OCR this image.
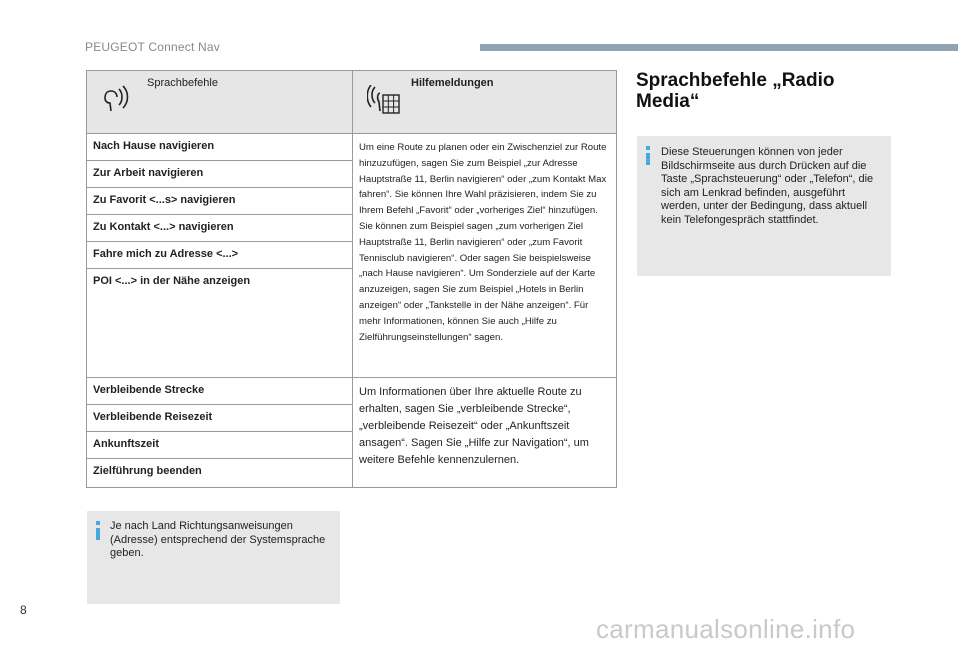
PEUGEOT Connect Nav
Sprachbefehle	Hilfemeldungen

Nach Hause navigieren	Um eine Route zu planen oder ein Zwischenziel zur Route hinzuzufügen, sagen Sie zum Beispiel „zur Adresse Hauptstraße 11, Berlin navigieren“ oder „zum Kontakt Max fahren“. Sie können Ihre Wahl präzisieren, indem Sie zu Ihrem Befehl „Favorit“ oder „vorheriges Ziel“ hinzufügen. Sie können zum Beispiel sagen „zum vorherigen Ziel Hauptstraße 11, Berlin navigieren“ oder „zum Favorit Tennisclub navigieren“. Oder sagen Sie beispielsweise „nach Hause navigieren“. Um Sonderziele auf der Karte anzuzeigen, sagen Sie zum Beispiel „Hotels in Berlin anzeigen“ oder „Tankstelle in der Nähe anzeigen“. Für mehr Informationen, können Sie auch „Hilfe zu Zielführungseinstellungen“ sagen.
Zur Arbeit navigieren	
Zu Favorit <...s> navigieren	
Zu Kontakt <...> navigieren	
Fahre mich zu Adresse <...>	
POI <...> in der Nähe anzeigen	
Verbleibende Strecke	Um Informationen über Ihre aktuelle Route zu erhalten, sagen Sie „verbleibende Strecke“, „verbleibende Reisezeit“ oder „Ankunftszeit ansagen“. Sagen Sie „Hilfe zur Navigation“, um weitere Befehle kennenzulernen.
Verbleibende Reisezeit	
Ankunftszeit	
Zielführung beenden	
Sprachbefehle „Radio Media“
Diese Steuerungen können von jeder Bildschirmseite aus durch Drücken auf die Taste „Sprachsteuerung“ oder „Telefon“, die sich am Lenkrad befinden, ausgeführt werden, unter der Bedingung, dass aktuell kein Telefongespräch stattfindet.
Je nach Land Richtungsanweisungen (Adresse) entsprechend der Systemsprache geben.
8
carmanualsonline.info
